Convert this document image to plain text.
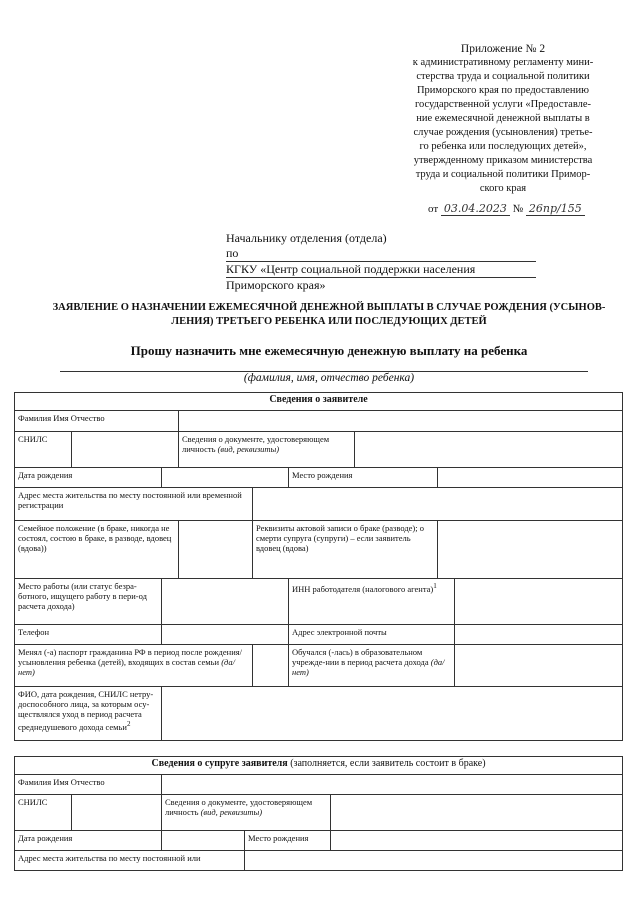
Приложение № 2
к административному регламенту мини-
стерства труда и социальной политики
Приморского края по предоставлению
государственной услуги «Предоставле-
ние ежемесячной денежной выплаты в
случае рождения (усыновления) третье-
го ребенка или последующих детей»,
утвержденному приказом министерства
труда и социальной политики Примор-
ского края
от 03.04.2023 № 26пр/155
Начальнику отделения (отдела)
по
КГКУ «Центр социальной поддержки населения
Приморского края»
ЗАЯВЛЕНИЕ О НАЗНАЧЕНИИ ЕЖЕМЕСЯЧНОЙ ДЕНЕЖНОЙ ВЫПЛАТЫ В СЛУЧАЕ РОЖДЕНИЯ (УСЫНОВ-ЛЕНИЯ) ТРЕТЬЕГО РЕБЕНКА ИЛИ ПОСЛЕДУЮЩИХ ДЕТЕЙ
Прошу назначить мне ежемесячную денежную выплату на ребенка
(фамилия, имя, отчество ребенка)
Сведения о заявителе								
Фамилия Имя Отчество								
СНИЛС			Сведения о документе, удостоверяющем личность (вид, реквизиты)					
Дата рождения					Место рождения			
Адрес места жительства по месту постоянной или временной регистрации								
Семейное положение (в браке, никогда не состоял, состою в браке, в разводе, вдовец (вдова))				Реквизиты актовой записи о браке (разводе); о смерти супруга (супруги) – если заявитель вдовец (вдова)				
Место работы (или статус безра-ботного, ищущего работу в пери-од расчета дохода)					ИНН работодателя (налогового агента)$^1$	
Телефон					Адрес электронной почты			
Менял (-а) паспорт гражданина РФ в период после рождения/усыновления ребенка (детей), входящих в состав семьи (да/нет)					Обучался (-лась) в образовательном учрежде-нии в период расчета дохода (да/нет)			
ФИО, дата рождения, СНИЛС нетру-доспособного лица, за которым осу-ществлялся уход в период расчета среднедушевого дохода семьи$^2$	
Сведения о супруге заявителя (заполняется, если заявитель состоит в браке)				
Фамилия Имя Отчество				
СНИЛС		Сведения о документе, удостоверяющем личность (вид, реквизиты)		
Дата рождения			Место рождения	
Адрес места жительства по месту постоянной или				
